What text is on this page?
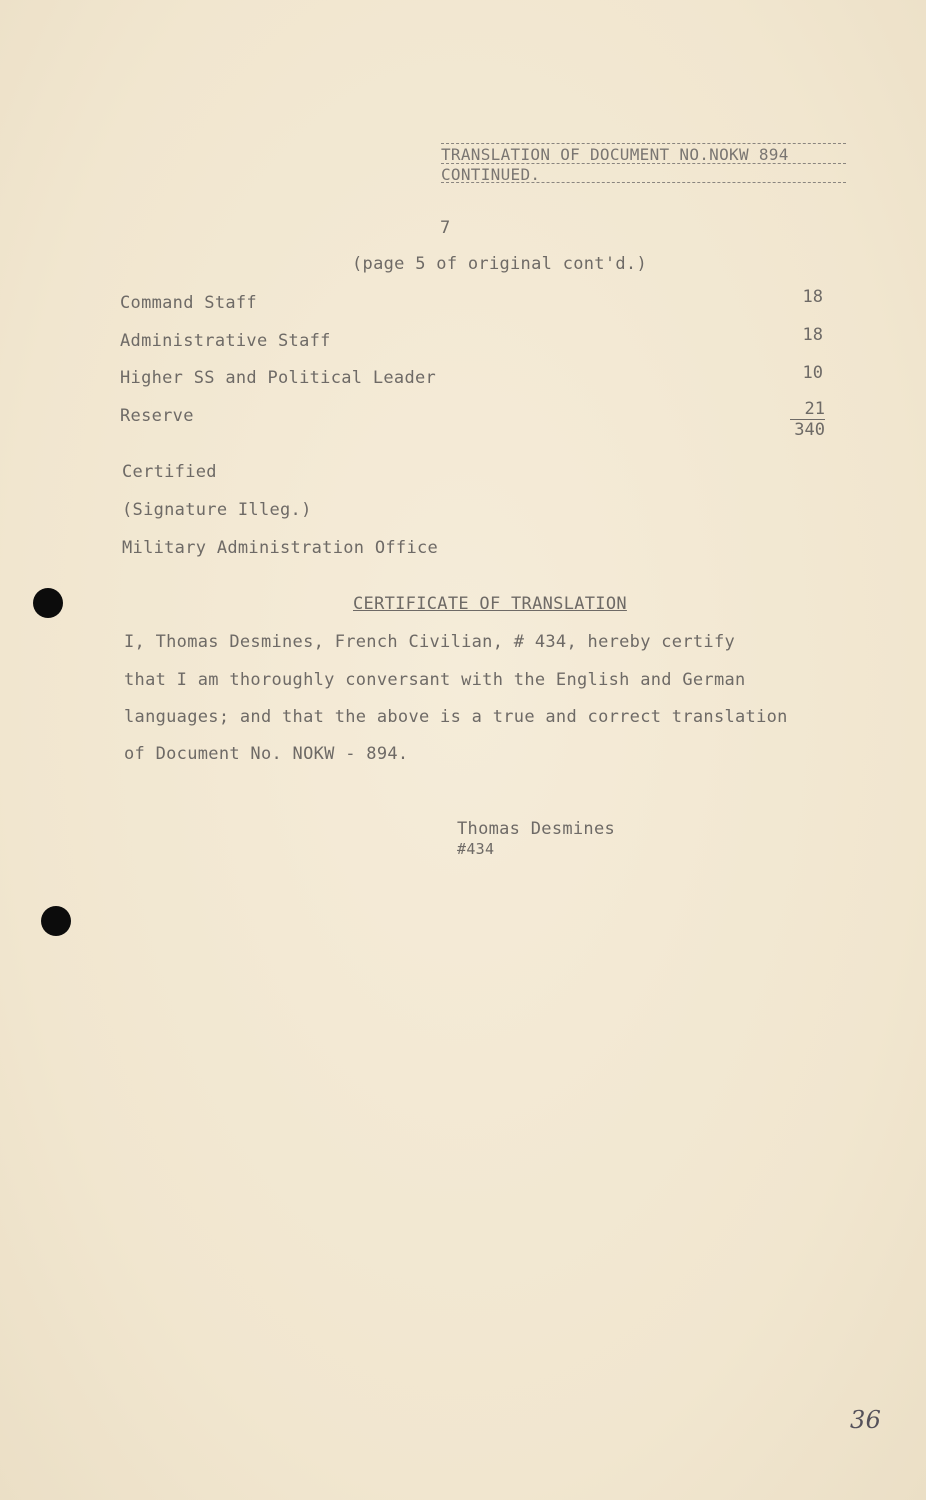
TRANSLATION OF DOCUMENT NO.NOKW 894
CONTINUED.
7
(page 5 of original cont'd.)
Command Staff	18
Administrative Staff	18
Higher SS and Political Leader	10
Reserve	21
340
Certified
(Signature Illeg.)
Military Administration Office
CERTIFICATE OF TRANSLATION
I, Thomas Desmines, French Civilian, # 434, hereby certify
that I am thoroughly conversant with the English and German
languages; and that the above is a true and correct translation
of Document No. NOKW - 894.
Thomas Desmines
#434
36
